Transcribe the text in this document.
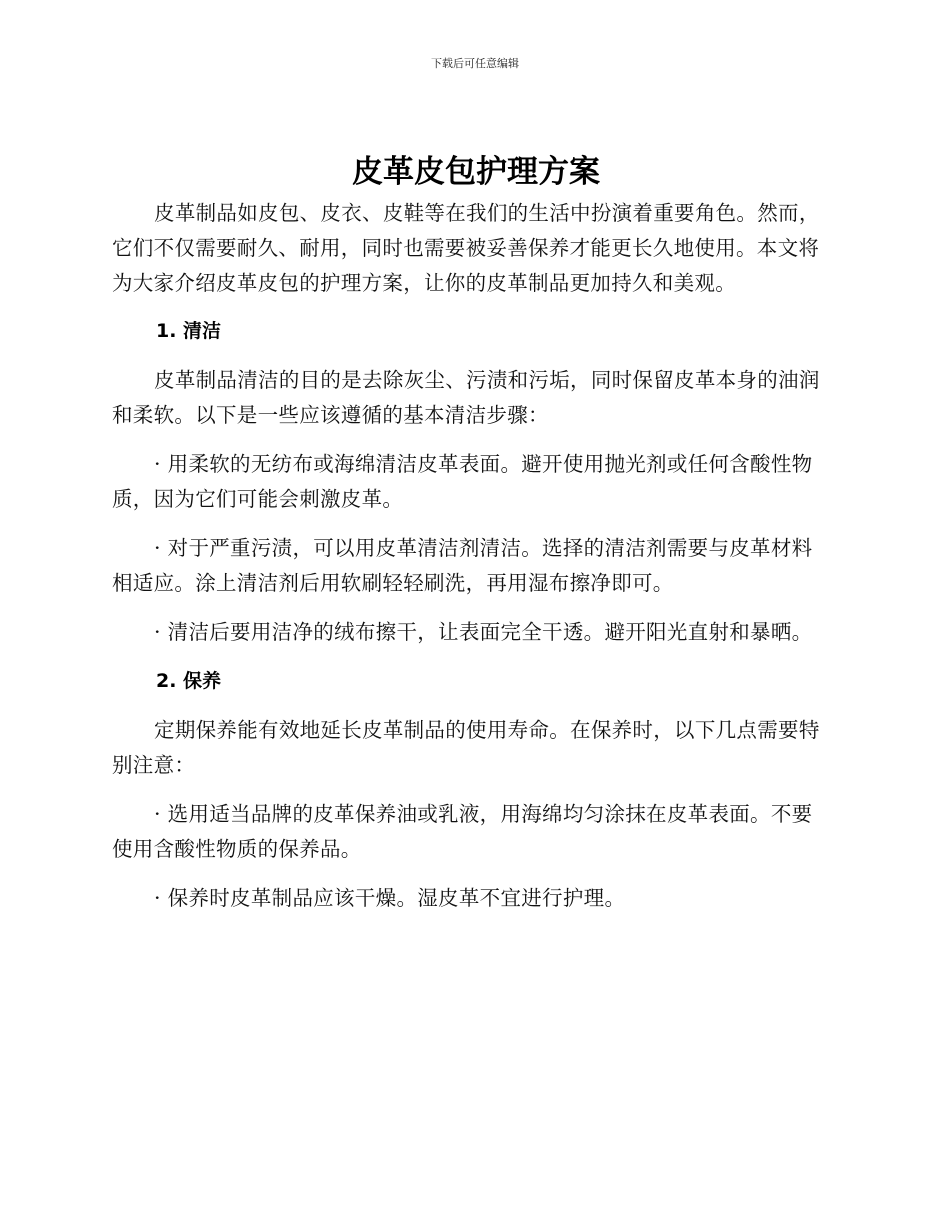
下载后可任意编辑
皮革皮包护理方案

皮革制品如皮包、皮衣、皮鞋等在我们的生活中扮演着重要角色。然而，它们不仅需要耐久、耐用，同时也需要被妥善保养才能更长久地使用。本文将为大家介绍皮革皮包的护理方案，让你的皮革制品更加持久和美观。

1. 清洁

皮革制品清洁的目的是去除灰尘、污渍和污垢，同时保留皮革本身的油润和柔软。以下是一些应该遵循的基本清洁步骤：

· 用柔软的无纺布或海绵清洁皮革表面。避开使用抛光剂或任何含酸性物质，因为它们可能会刺激皮革。

· 对于严重污渍，可以用皮革清洁剂清洁。选择的清洁剂需要与皮革材料相适应。涂上清洁剂后用软刷轻轻刷洗，再用湿布擦净即可。

· 清洁后要用洁净的绒布擦干，让表面完全干透。避开阳光直射和暴晒。

2. 保养

定期保养能有效地延长皮革制品的使用寿命。在保养时，以下几点需要特别注意：

· 选用适当品牌的皮革保养油或乳液，用海绵均匀涂抹在皮革表面。不要使用含酸性物质的保养品。

· 保养时皮革制品应该干燥。湿皮革不宜进行护理。
